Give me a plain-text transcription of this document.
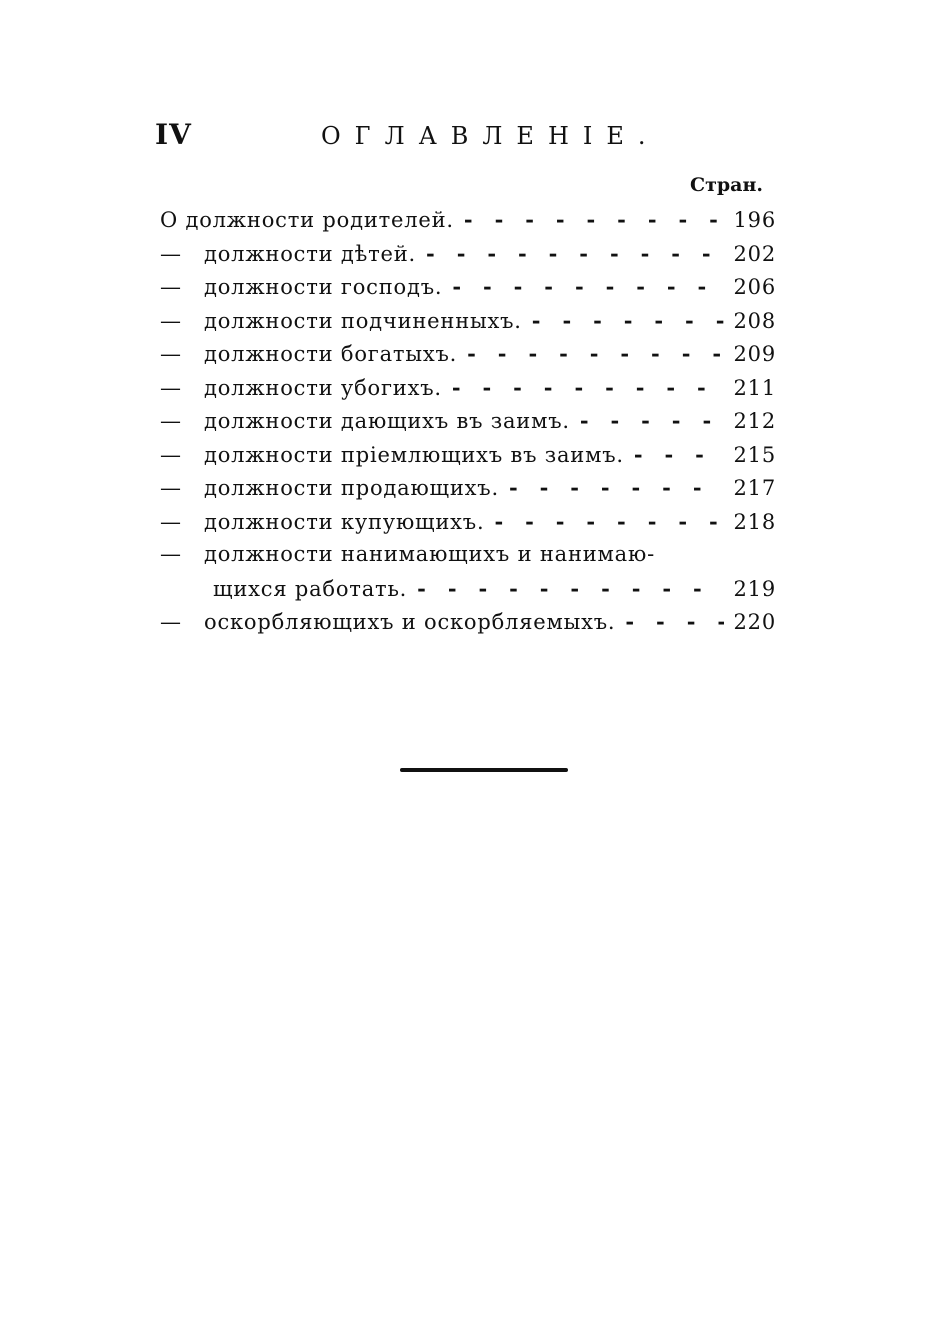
IV	ОГЛАВЛЕНІЕ.
Стран.
О должности родителей. -   -	196
—	должности дѣтей. -   -	202
—	должности господъ. -   -	206
—	должности подчиненныхъ. -   -	208
—	должности богатыхъ. -   -	209
—	должности убогихъ. -   -	211
—	должности дающихъ въ заимъ. -   -	212
—	должности пріемлющихъ въ заимъ. -   -	215
—	должности продающихъ. -   -	217
—	должности купующихъ. -   -	218
—	должности нанимающихъ и нанимаю-
щихся работать. -   -	219
—	оскорбляющихъ и оскорбляемыхъ. -   -	220
